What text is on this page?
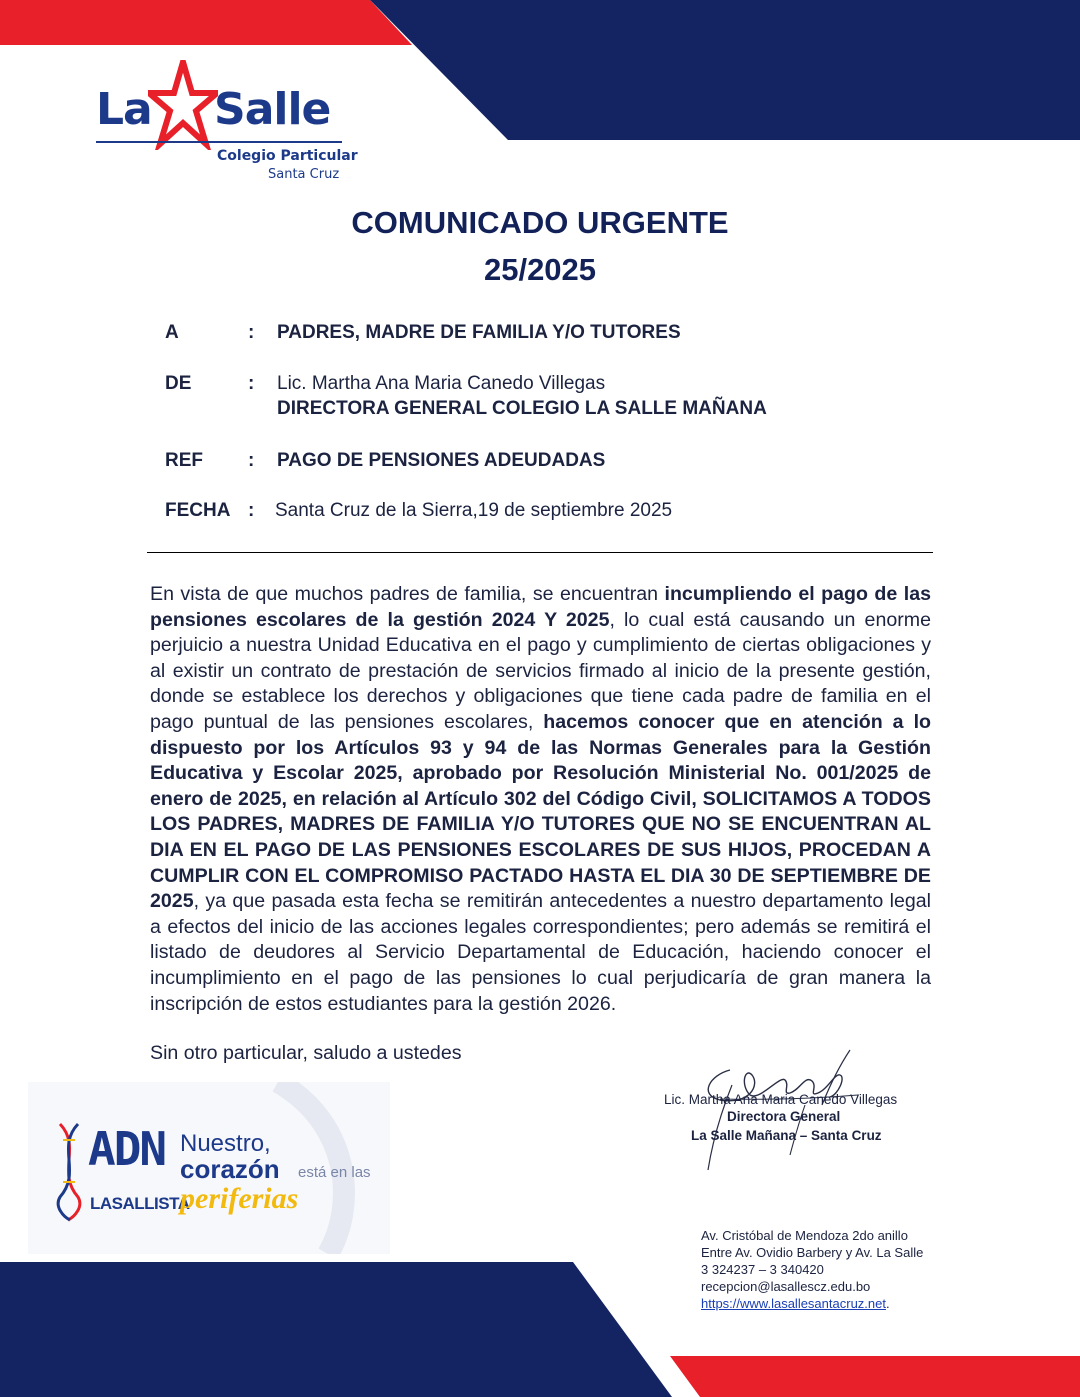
La Salle
Colegio Particular
Santa Cruz
COMUNICADO URGENTE
25/2025
A	: PADRES, MADRE DE FAMILIA Y/O TUTORES
DE	: Lic. Martha Ana Maria Canedo Villegas
DIRECTORA GENERAL COLEGIO LA SALLE MAÑANA
REF : PAGO DE PENSIONES ADEUDADAS
FECHA : Santa Cruz de la Sierra,19 de septiembre 2025
En vista de que muchos padres de familia, se encuentran incumpliendo el pago de las pensiones escolares de la gestión 2024 Y 2025, lo cual está causando un enorme perjuicio a nuestra Unidad Educativa en el pago y cumplimiento de ciertas obligaciones y al existir un contrato de prestación de servicios firmado al inicio de la presente gestión, donde se establece los derechos y obligaciones que tiene cada padre de familia en el pago puntual de las pensiones escolares, hacemos conocer que en atención a lo dispuesto por los Artículos 93 y 94 de las Normas Generales para la Gestión Educativa y Escolar 2025, aprobado por Resolución Ministerial No. 001/2025 de enero de 2025, en relación al Artículo 302 del Código Civil, SOLICITAMOS A TODOS LOS PADRES, MADRES DE FAMILIA Y/O TUTORES QUE NO SE ENCUENTRAN AL DIA EN EL PAGO DE LAS PENSIONES ESCOLARES DE SUS HIJOS, PROCEDAN A CUMPLIR CON EL COMPROMISO PACTADO HASTA EL DIA 30 DE SEPTIEMBRE DE 2025, ya que pasada esta fecha se remitirán antecedentes a nuestro departamento legal a efectos del inicio de las acciones legales correspondientes; pero además se remitirá el listado de deudores al Servicio Departamental de Educación, haciendo conocer el incumplimiento en el pago de las pensiones lo cual perjudicaría de gran manera la inscripción de estos estudiantes para la gestión 2026.
Sin otro particular, saludo a ustedes
Lic. Martha Ana Maria Canedo Villegas
Directora General
La Salle Mañana – Santa Cruz
ADN
LASALLISTA
Nuestro,
corazón está en las
periferias
Av. Cristóbal de Mendoza 2do anillo
Entre Av. Ovidio Barbery y Av. La Salle
3 324237 – 3 340420
recepcion@lasallescz.edu.bo
https://www.lasallesantacruz.net.
